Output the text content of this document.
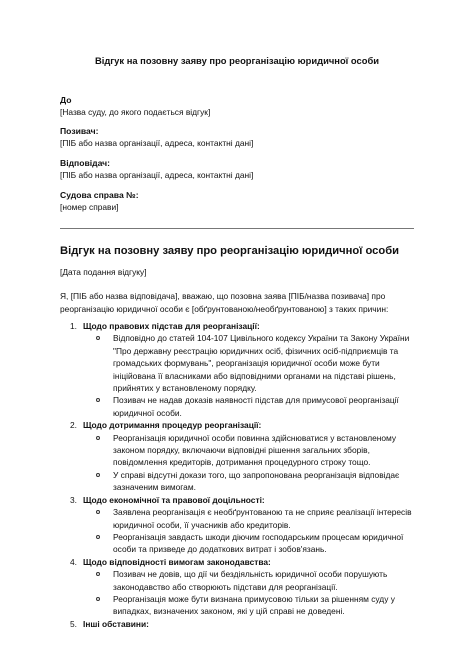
Відгук на позовну заяву про реорганізацію юридичної особи
До
[Назва суду, до якого подається відгук]
Позивач:
[ПІБ або назва організації, адреса, контактні дані]
Відповідач:
[ПІБ або назва організації, адреса, контактні дані]
Судова справа №:
[номер справи]
Відгук на позовну заяву про реорганізацію юридичної особи
[Дата подання відгуку]
Я, [ПІБ або назва відповідача], вважаю, що позовна заява [ПІБ/назва позивача] про реорганізацію юридичної особи є [обґрунтованою/необґрунтованою] з таких причин:
1. Щодо правових підстав для реорганізації:
Відповідно до статей 104-107 Цивільного кодексу України та Закону України "Про державну реєстрацію юридичних осіб, фізичних осіб-підприємців та громадських формувань", реорганізація юридичної особи може бути ініційована її власниками або відповідними органами на підставі рішень, прийнятих у встановленому порядку.
Позивач не надав доказів наявності підстав для примусової реорганізації юридичної особи.
2. Щодо дотримання процедур реорганізації:
Реорганізація юридичної особи повинна здійснюватися у встановленому законом порядку, включаючи відповідні рішення загальних зборів, повідомлення кредиторів, дотримання процедурного строку тощо.
У справі відсутні докази того, що запропонована реорганізація відповідає зазначеним вимогам.
3. Щодо економічної та правової доцільності:
Заявлена реорганізація є необґрунтованою та не сприяє реалізації інтересів юридичної особи, її учасників або кредиторів.
Реорганізація завдасть шкоди діючим господарським процесам юридичної особи та призведе до додаткових витрат і зобов'язань.
4. Щодо відповідності вимогам законодавства:
Позивач не довів, що дії чи бездіяльність юридичної особи порушують законодавство або створюють підстави для реорганізації.
Реорганізація може бути визнана примусовою тільки за рішенням суду у випадках, визначених законом, які у цій справі не доведені.
5. Інші обставини:
